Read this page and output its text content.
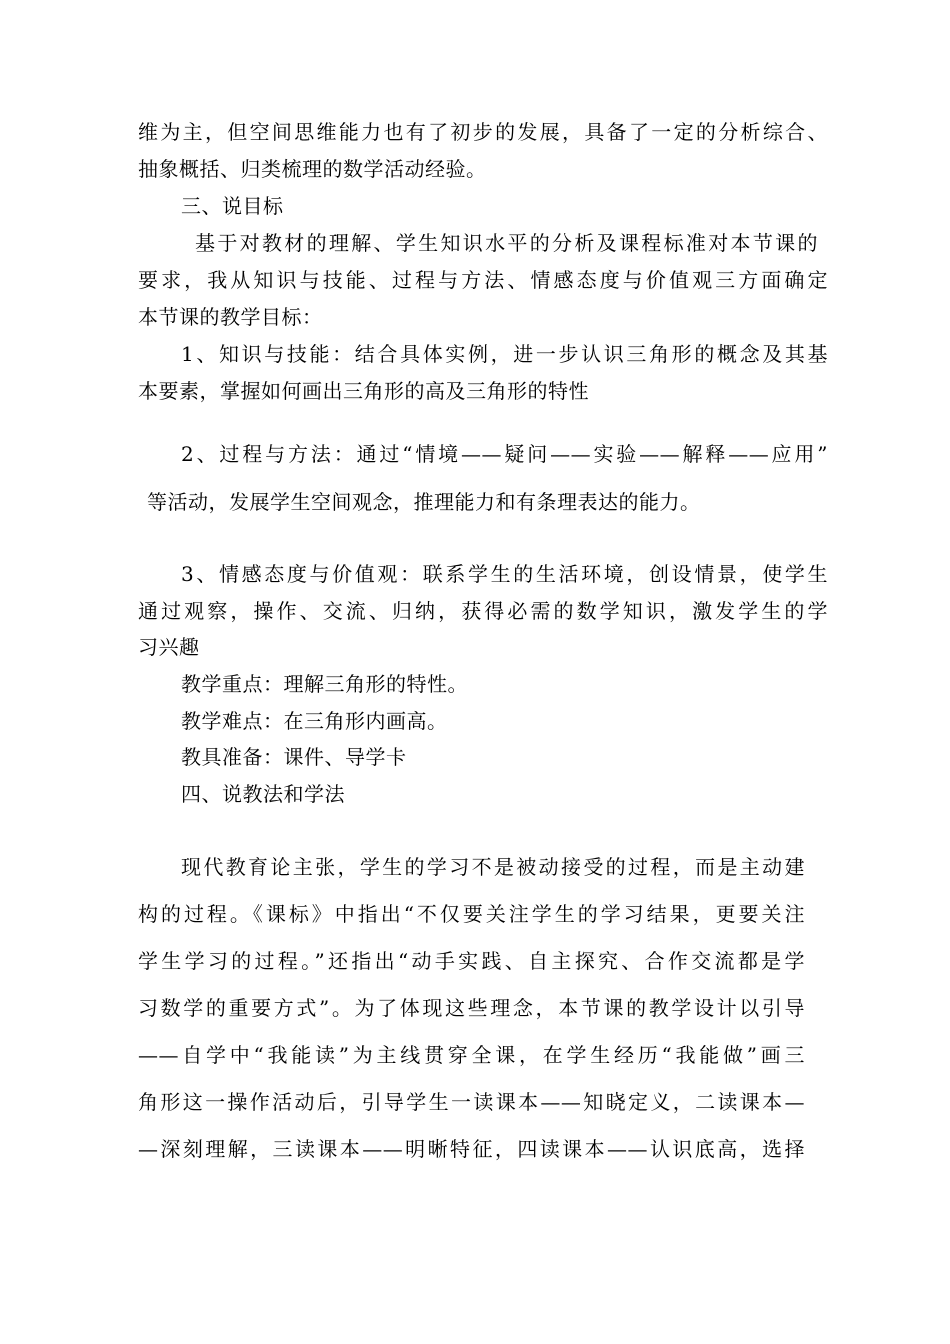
维为主，但空间思维能力也有了初步的发展，具备了一定的分析综合、
抽象概括、归类梳理的数学活动经验。
三、说目标
基于对教材的理解、学生知识水平的分析及课程标准对本节课的
要求，我从知识与技能、过程与方法、情感态度与价值观三方面确定
本节课的教学目标：
1、知识与技能：结合具体实例，进一步认识三角形的概念及其基
本要素，掌握如何画出三角形的高及三角形的特性
2、过程与方法：通过“情境——疑问——实验——解释——应用”
等活动，发展学生空间观念，推理能力和有条理表达的能力。
3、情感态度与价值观：联系学生的生活环境，创设情景，使学生
通过观察，操作、交流、归纳，获得必需的数学知识，激发学生的学
习兴趣
教学重点：理解三角形的特性。
教学难点：在三角形内画高。
教具准备：课件、导学卡
四、说教法和学法
现代教育论主张，学生的学习不是被动接受的过程，而是主动建
构的过程。《课标》中指出“不仅要关注学生的学习结果，更要关注
学生学习的过程。”还指出“动手实践、自主探究、合作交流都是学
习数学的重要方式”。为了体现这些理念，本节课的教学设计以引导
——自学中“我能读”为主线贯穿全课，在学生经历“我能做”画三
角形这一操作活动后，引导学生一读课本——知晓定义，二读课本—
—深刻理解，三读课本——明晰特征，四读课本——认识底高，选择
